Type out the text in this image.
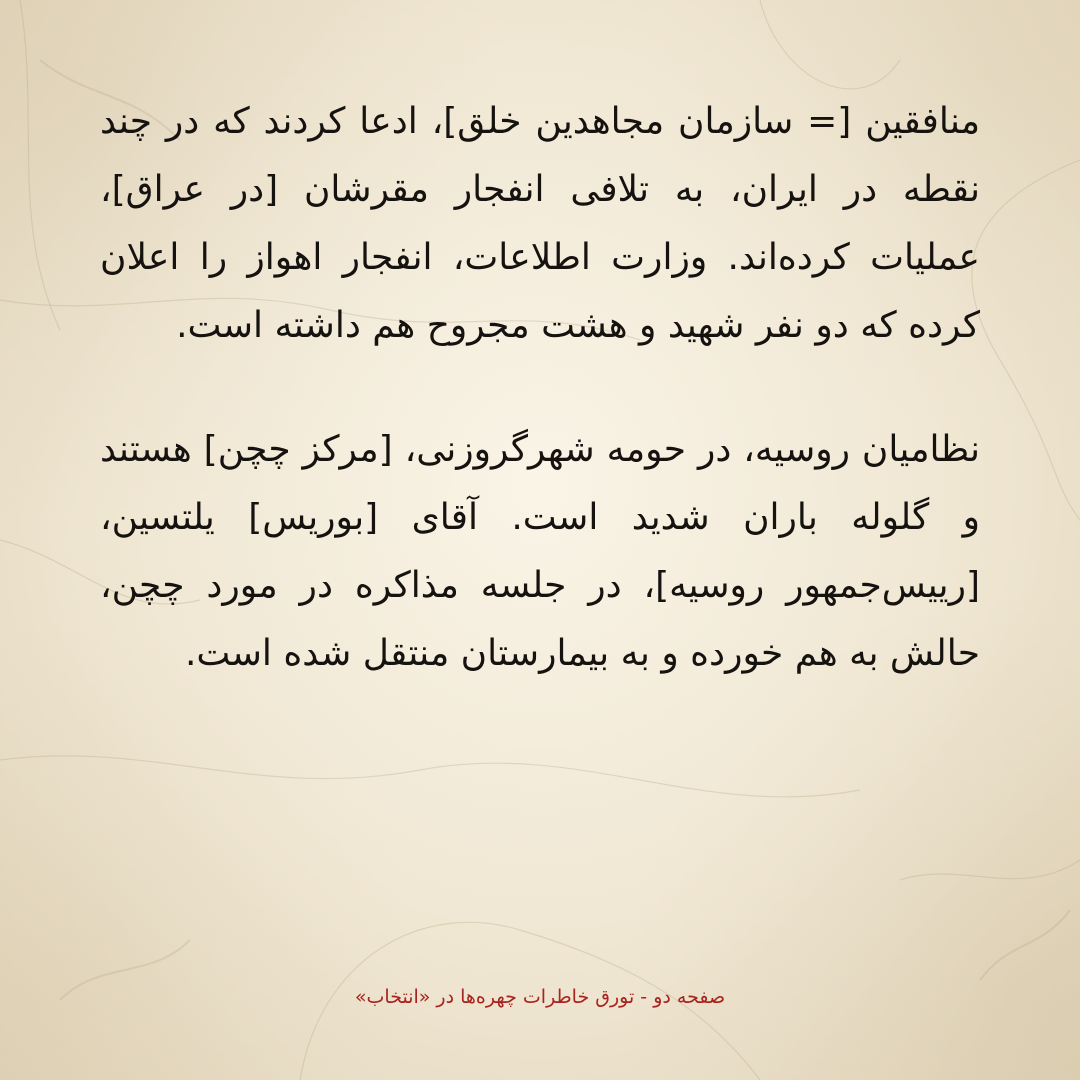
منافقین [= سازمان مجاهدین خلق]، ادعا کردند که در چند نقطه در ایران، به تلافی انفجار مقرشان [در عراق]، عملیات کرده‌اند. وزارت اطلاعات، انفجار اهواز را اعلان کرده که دو نفر شهید و هشت مجروح هم داشته است.

نظامیان روسیه، در حومه شهرگروزنی، [مرکز چچن] هستند و گلوله باران شدید است. آقای [بوریس] یلتسین، [رییس‌جمهور روسیه]، در جلسه مذاکره در مورد چچن، حالش به هم خورده و به بیمارستان منتقل شده است.

صفحه دو - تورق خاطرات چهره‌ها در «انتخاب»
